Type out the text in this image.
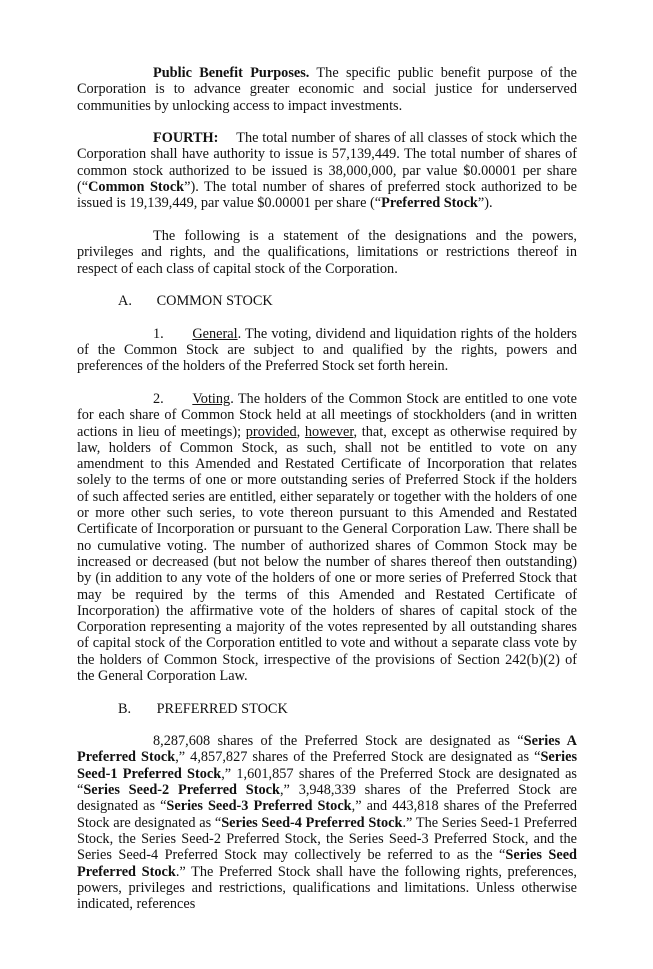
Public Benefit Purposes. The specific public benefit purpose of the Corporation is to advance greater economic and social justice for underserved communities by unlocking access to impact investments.

FOURTH:  The total number of shares of all classes of stock which the Corporation shall have authority to issue is 57,139,449. The total number of shares of common stock authorized to be issued is 38,000,000, par value $0.00001 per share (“Common Stock”). The total number of shares of preferred stock authorized to be issued is 19,139,449, par value $0.00001 per share (“Preferred Stock”).

The following is a statement of the designations and the powers, privileges and rights, and the qualifications, limitations or restrictions thereof in respect of each class of capital stock of the Corporation.

A. COMMON STOCK

1.  General. The voting, dividend and liquidation rights of the holders of the Common Stock are subject to and qualified by the rights, powers and preferences of the holders of the Preferred Stock set forth herein.

2.  Voting. The holders of the Common Stock are entitled to one vote for each share of Common Stock held at all meetings of stockholders (and in written actions in lieu of meetings); provided, however, that, except as otherwise required by law, holders of Common Stock, as such, shall not be entitled to vote on any amendment to this Amended and Restated Certificate of Incorporation that relates solely to the terms of one or more outstanding series of Preferred Stock if the holders of such affected series are entitled, either separately or together with the holders of one or more other such series, to vote thereon pursuant to this Amended and Restated Certificate of Incorporation or pursuant to the General Corporation Law. There shall be no cumulative voting. The number of authorized shares of Common Stock may be increased or decreased (but not below the number of shares thereof then outstanding) by (in addition to any vote of the holders of one or more series of Preferred Stock that may be required by the terms of this Amended and Restated Certificate of Incorporation) the affirmative vote of the holders of shares of capital stock of the Corporation representing a majority of the votes represented by all outstanding shares of capital stock of the Corporation entitled to vote and without a separate class vote by the holders of Common Stock, irrespective of the provisions of Section 242(b)(2) of the General Corporation Law.

B. PREFERRED STOCK

8,287,608 shares of the Preferred Stock are designated as “Series A Preferred Stock,” 4,857,827 shares of the Preferred Stock are designated as “Series Seed-1 Preferred Stock,” 1,601,857 shares of the Preferred Stock are designated as “Series Seed-2 Preferred Stock,” 3,948,339 shares of the Preferred Stock are designated as “Series Seed-3 Preferred Stock,” and 443,818 shares of the Preferred Stock are designated as “Series Seed-4 Preferred Stock.” The Series Seed-1 Preferred Stock, the Series Seed-2 Preferred Stock, the Series Seed-3 Preferred Stock, and the Series Seed-4 Preferred Stock may collectively be referred to as the “Series Seed Preferred Stock.” The Preferred Stock shall have the following rights, preferences, powers, privileges and restrictions, qualifications and limitations. Unless otherwise indicated, references
